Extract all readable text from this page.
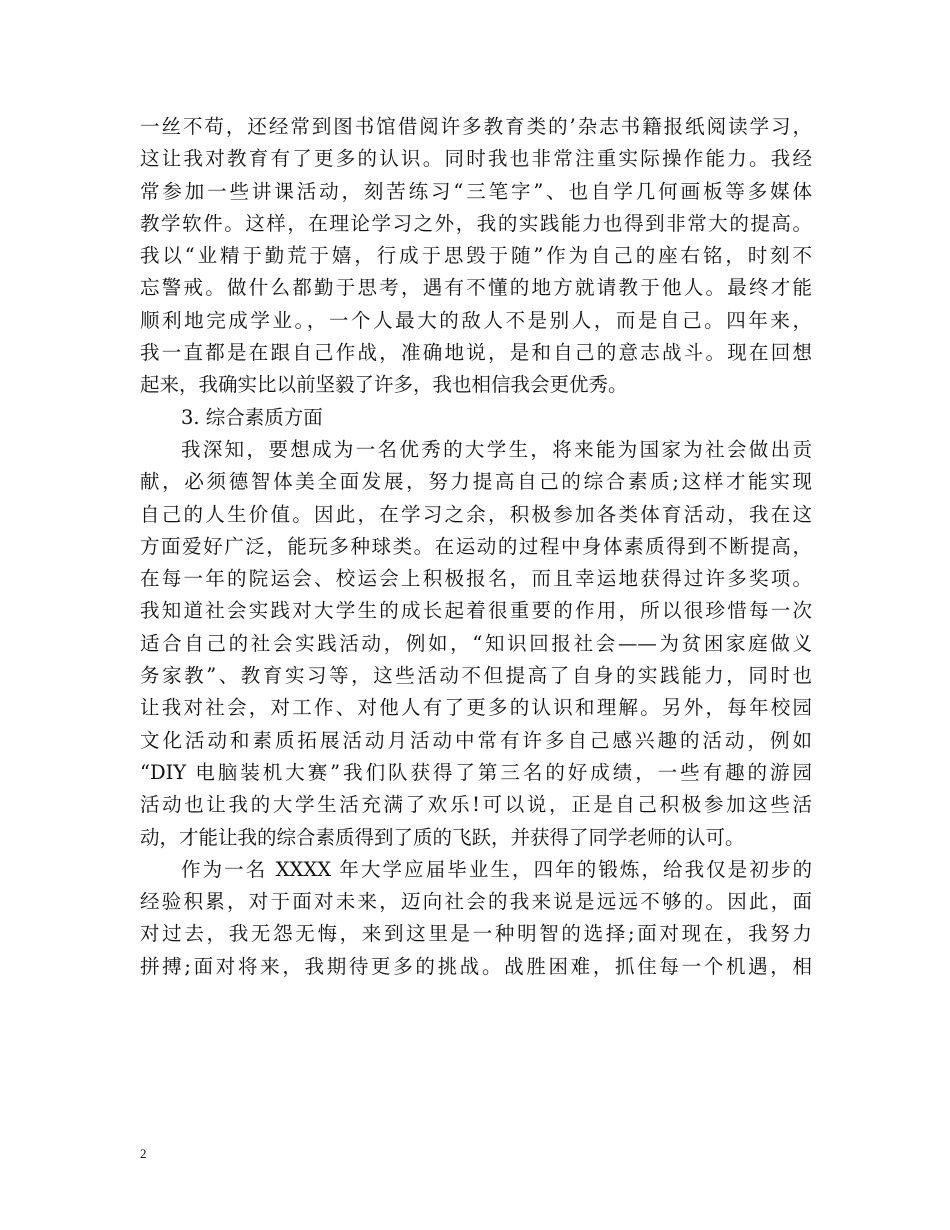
一丝不苟，还经常到图书馆借阅许多教育类的’杂志书籍报纸阅读学习，
这让我对教育有了更多的认识。同时我也非常注重实际操作能力。我经
常参加一些讲课活动，刻苦练习“三笔字”、也自学几何画板等多媒体
教学软件。这样，在理论学习之外，我的实践能力也得到非常大的提高。
我以“业精于勤荒于嬉，行成于思毁于随”作为自己的座右铭，时刻不
忘警戒。做什么都勤于思考，遇有不懂的地方就请教于他人。最终才能
顺利地完成学业。，一个人最大的敌人不是别人，而是自己。四年来，
我一直都是在跟自己作战，准确地说，是和自己的意志战斗。现在回想
起来，我确实比以前坚毅了许多，我也相信我会更优秀。
3. 综合素质方面
我深知，要想成为一名优秀的大学生，将来能为国家为社会做出贡
献，必须德智体美全面发展，努力提高自己的综合素质;这样才能实现
自己的人生价值。因此，在学习之余，积极参加各类体育活动，我在这
方面爱好广泛，能玩多种球类。在运动的过程中身体素质得到不断提高，
在每一年的院运会、校运会上积极报名，而且幸运地获得过许多奖项。
我知道社会实践对大学生的成长起着很重要的作用，所以很珍惜每一次
适合自己的社会实践活动，例如，“知识回报社会——为贫困家庭做义
务家教”、教育实习等，这些活动不但提高了自身的实践能力，同时也
让我对社会，对工作、对他人有了更多的认识和理解。另外，每年校园
文化活动和素质拓展活动月活动中常有许多自己感兴趣的活动，例如
“DIY 电脑装机大赛”我们队获得了第三名的好成绩，一些有趣的游园
活动也让我的大学生活充满了欢乐!可以说，正是自己积极参加这些活
动，才能让我的综合素质得到了质的飞跃，并获得了同学老师的认可。
作为一名 XXXX 年大学应届毕业生，四年的锻炼，给我仅是初步的
经验积累，对于面对未来，迈向社会的我来说是远远不够的。因此，面
对过去，我无怨无悔，来到这里是一种明智的选择;面对现在，我努力
拼搏;面对将来，我期待更多的挑战。战胜困难，抓住每一个机遇，相
2
